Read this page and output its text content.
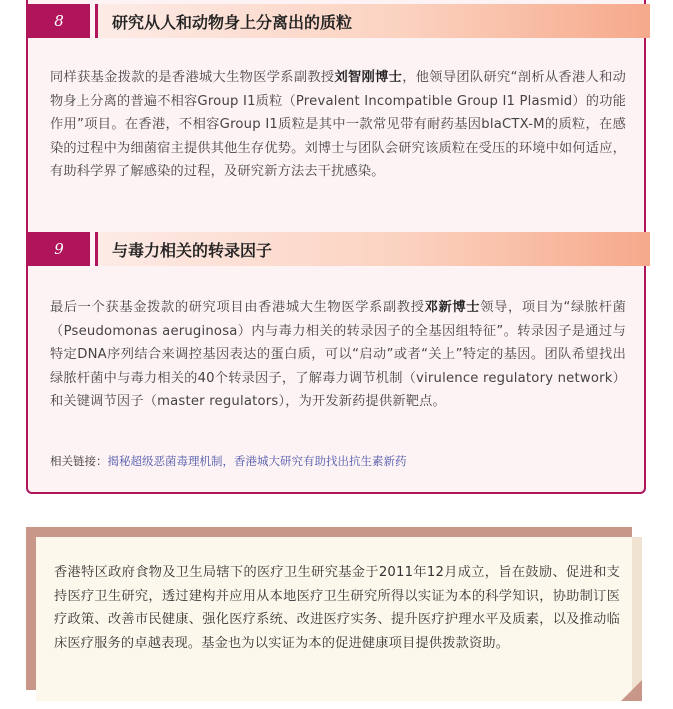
8	研究从人和动物身上分离出的质粒
同样获基金拨款的是香港城大生物医学系副教授刘智刚博士，他领导团队研究“剖析从香港人和动物身上分离的普遍不相容Group I1质粒（Prevalent Incompatible Group I1 Plasmid）的功能作用”项目。在香港，不相容Group I1质粒是其中一款常见带有耐药基因blaCTX-M的质粒，在感染的过程中为细菌宿主提供其他生存优势。刘博士与团队会研究该质粒在受压的环境中如何适应，有助科学界了解感染的过程，及研究新方法去干扰感染。
9	与毒力相关的转录因子
最后一个获基金拨款的研究项目由香港城大生物医学系副教授邓新博士领导，项目为“绿脓杆菌（Pseudomonas aeruginosa）内与毒力相关的转录因子的全基因组特征”。转录因子是通过与特定DNA序列结合来调控基因表达的蛋白质，可以“启动”或者“关上”特定的基因。团队希望找出绿脓杆菌中与毒力相关的40个转录因子，了解毒力调节机制（virulence regulatory network）和关键调节因子（master regulators），为开发新药提供新靶点。
相关链接：揭秘超级恶菌毒理机制，香港城大研究有助找出抗生素新药
香港特区政府食物及卫生局辖下的医疗卫生研究基金于2011年12月成立，旨在鼓励、促进和支持医疗卫生研究，透过建构并应用从本地医疗卫生研究所得以实证为本的科学知识，协助制订医疗政策、改善市民健康、强化医疗系统、改进医疗实务、提升医疗护理水平及质素，以及推动临床医疗服务的卓越表现。基金也为以实证为本的促进健康项目提供拨款资助。
